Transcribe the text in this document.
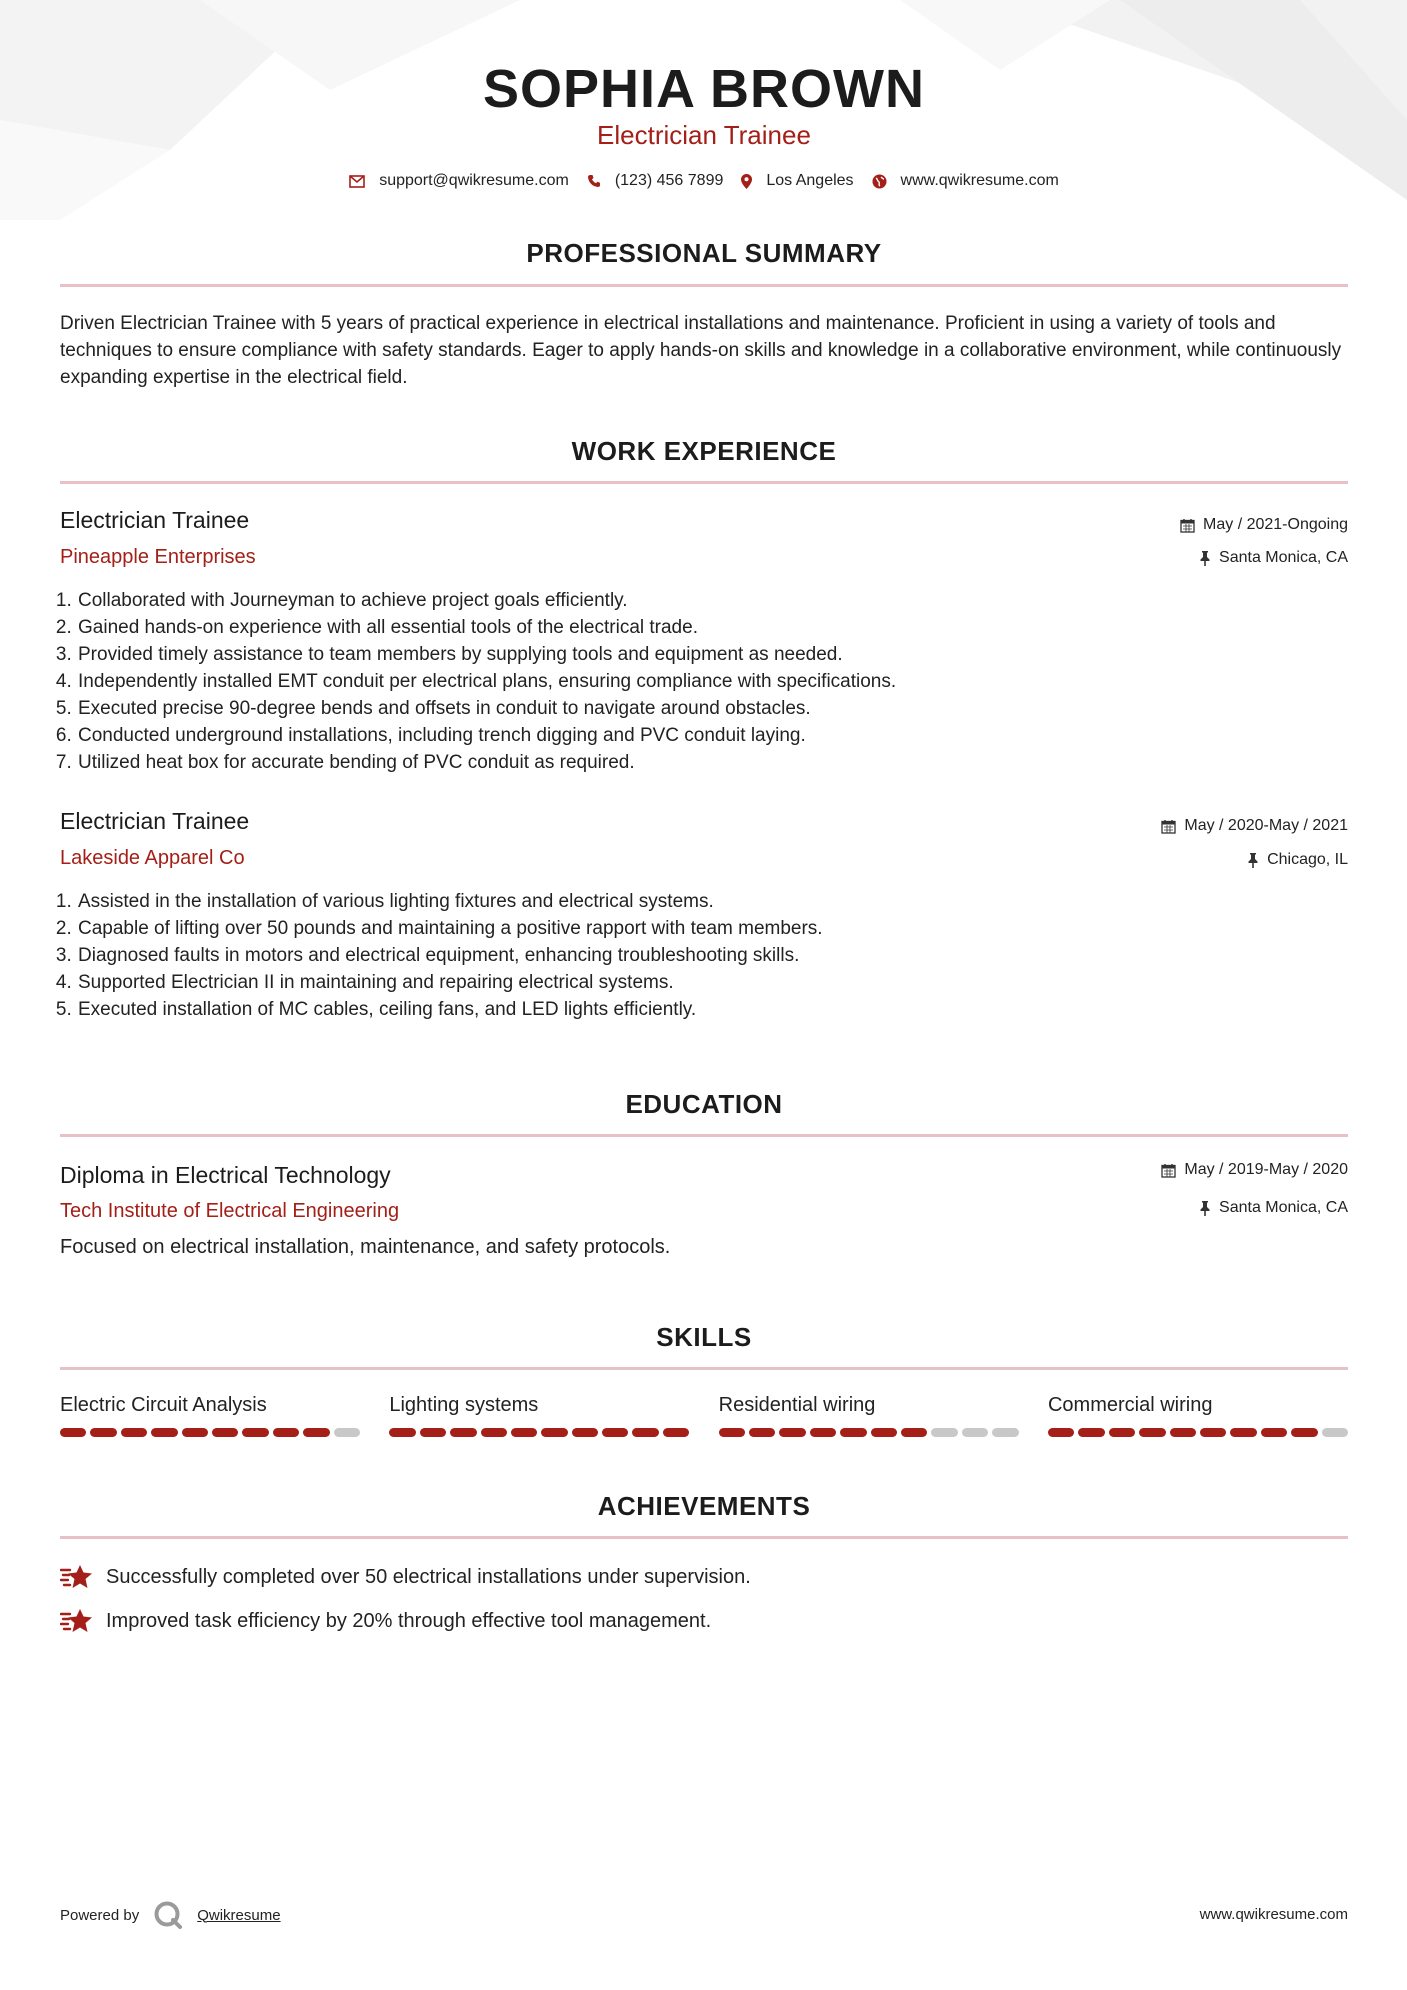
SOPHIA BROWN
Electrician Trainee
support@qwikresume.com	(123) 456 7899	Los Angeles	www.qwikresume.com
PROFESSIONAL SUMMARY
Driven Electrician Trainee with 5 years of practical experience in electrical installations and maintenance. Proficient in using a variety of tools and techniques to ensure compliance with safety standards. Eager to apply hands-on skills and knowledge in a collaborative environment, while continuously expanding expertise in the electrical field.
WORK EXPERIENCE
Electrician Trainee
Pineapple Enterprises
May / 2021-Ongoing
Santa Monica, CA
1. Collaborated with Journeyman to achieve project goals efficiently.
2. Gained hands-on experience with all essential tools of the electrical trade.
3. Provided timely assistance to team members by supplying tools and equipment as needed.
4. Independently installed EMT conduit per electrical plans, ensuring compliance with specifications.
5. Executed precise 90-degree bends and offsets in conduit to navigate around obstacles.
6. Conducted underground installations, including trench digging and PVC conduit laying.
7. Utilized heat box for accurate bending of PVC conduit as required.
Electrician Trainee
Lakeside Apparel Co
May / 2020-May / 2021
Chicago, IL
1. Assisted in the installation of various lighting fixtures and electrical systems.
2. Capable of lifting over 50 pounds and maintaining a positive rapport with team members.
3. Diagnosed faults in motors and electrical equipment, enhancing troubleshooting skills.
4. Supported Electrician II in maintaining and repairing electrical systems.
5. Executed installation of MC cables, ceiling fans, and LED lights efficiently.
EDUCATION
Diploma in Electrical Technology
Tech Institute of Electrical Engineering
May / 2019-May / 2020
Santa Monica, CA
Focused on electrical installation, maintenance, and safety protocols.
SKILLS
Electric Circuit Analysis	Lighting systems	Residential wiring	Commercial wiring
ACHIEVEMENTS
Successfully completed over 50 electrical installations under supervision.
Improved task efficiency by 20% through effective tool management.
Powered by	Qwikresume	www.qwikresume.com
